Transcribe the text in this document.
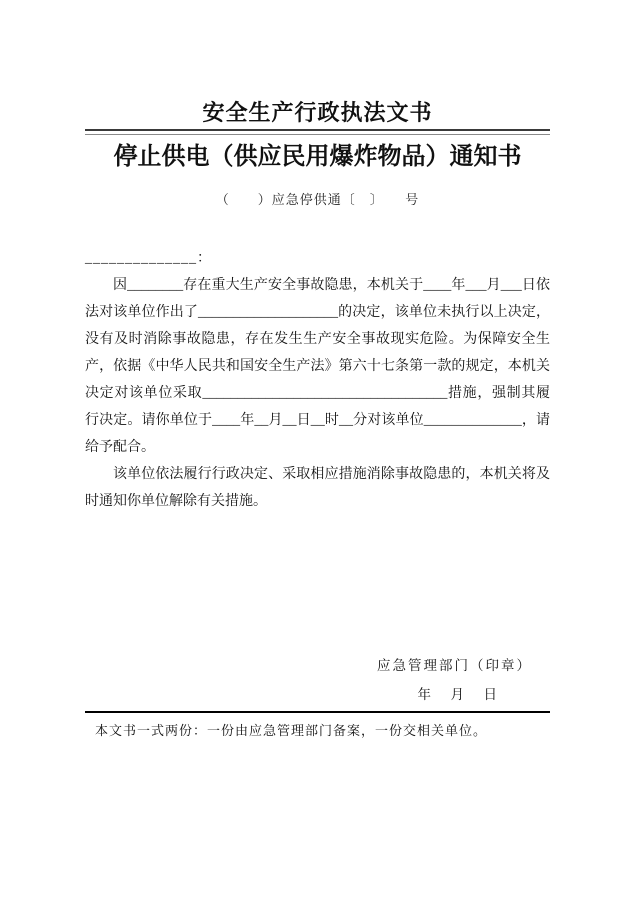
安全生产行政执法文书
停止供电（供应民用爆炸物品）通知书
（　　）应急停供通〔　〕　　号
______________：

因________存在重大生产安全事故隐患，本机关于____年___月___日依法对该单位作出了____________________的决定，该单位未执行以上决定，没有及时消除事故隐患，存在发生生产安全事故现实危险。为保障安全生产，依据《中华人民共和国安全生产法》第六十七条第一款的规定，本机关决定对该单位采取___________________________________措施，强制其履行决定。请你单位于____年__月__日__时__分对该单位______________，请给予配合。

该单位依法履行行政决定、采取相应措施消除事故隐患的，本机关将及时通知你单位解除有关措施。

应急管理部门（印章）
年　月　日
本文书一式两份：一份由应急管理部门备案，一份交相关单位。
